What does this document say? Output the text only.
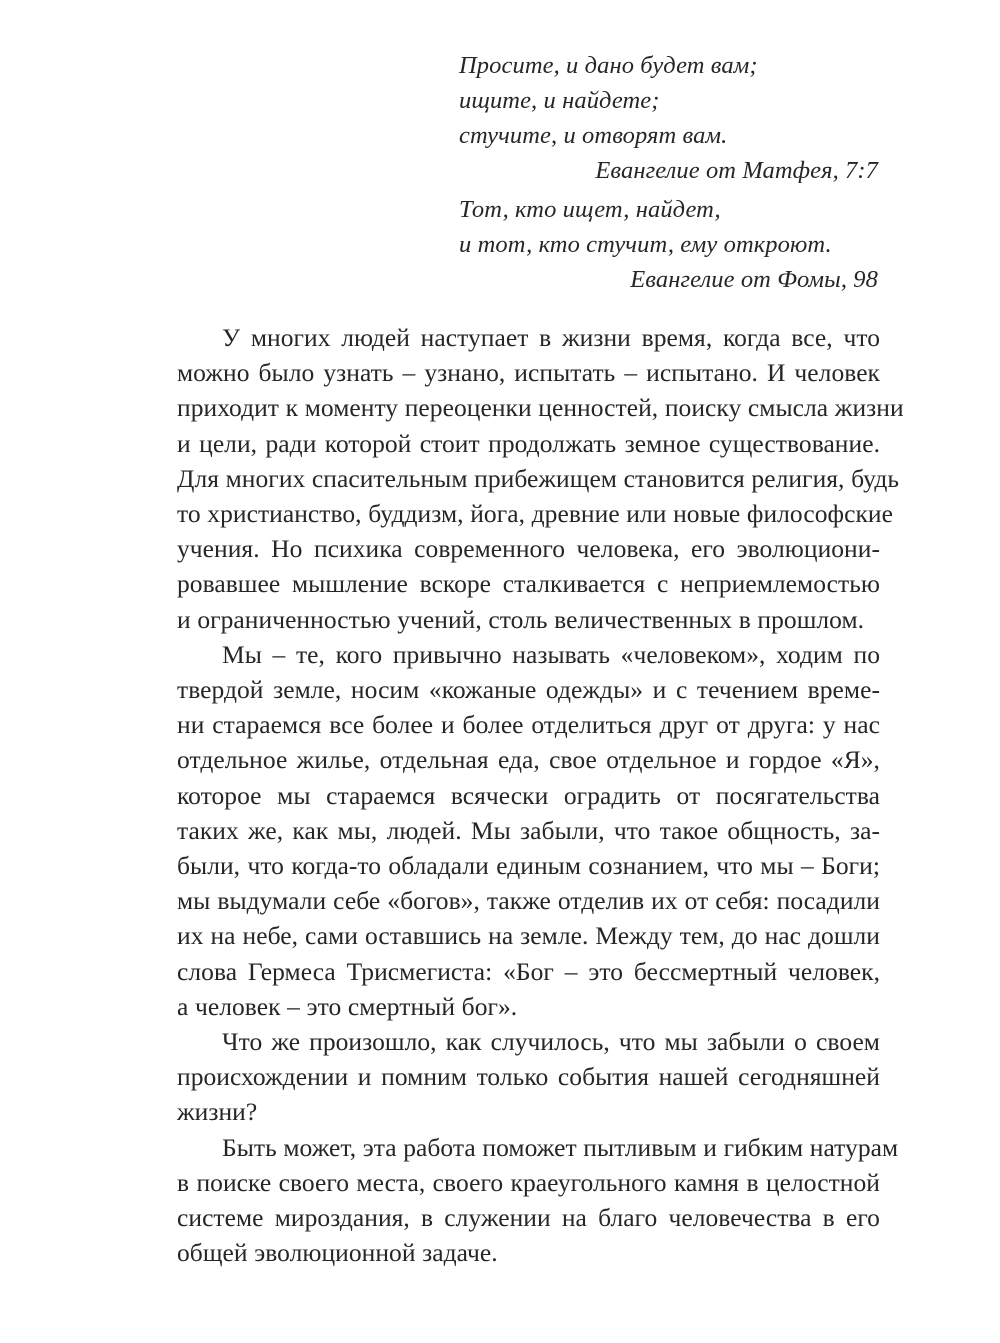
Просите, и дано будет вам;
ищите, и найдете;
стучите, и отворят вам.
Евангелие от Матфея, 7:7
Тот, кто ищет, найдет,
и тот, кто стучит, ему откроют.
Евангелие от Фомы, 98

У многих людей наступает в жизни время, когда все, что
можно было узнать – узнано, испытать – испытано. И человек
приходит к моменту переоценки ценностей, поиску смысла жизни
и цели, ради которой стоит продолжать земное существование.
Для многих спасительным прибежищем становится религия, будь
то христианство, буддизм, йога, древние или новые философские
учения. Но психика современного человека, его эволюциони-
ровавшее мышление вскоре сталкивается с неприемлемостью
и ограниченностью учений, столь величественных в прошлом.

Мы – те, кого привычно называть «человеком», ходим по
твердой земле, носим «кожаные одежды» и с течением време-
ни стараемся все более и более отделиться друг от друга: у нас
отдельное жилье, отдельная еда, свое отдельное и гордое «Я»,
которое мы стараемся всячески оградить от посягательства
таких же, как мы, людей. Мы забыли, что такое общность, за-
были, что когда-то обладали единым сознанием, что мы – Боги;
мы выдумали себе «богов», также отделив их от себя: посадили
их на небе, сами оставшись на земле. Между тем, до нас дошли
слова Гермеса Трисмегиста: «Бог – это бессмертный человек,
а человек – это смертный бог».

Что же произошло, как случилось, что мы забыли о своем
происхождении и помним только события нашей сегодняшней
жизни?

Быть может, эта работа поможет пытливым и гибким натурам
в поиске своего места, своего краеугольного камня в целостной
системе мироздания, в служении на благо человечества в его
общей эволюционной задаче.
